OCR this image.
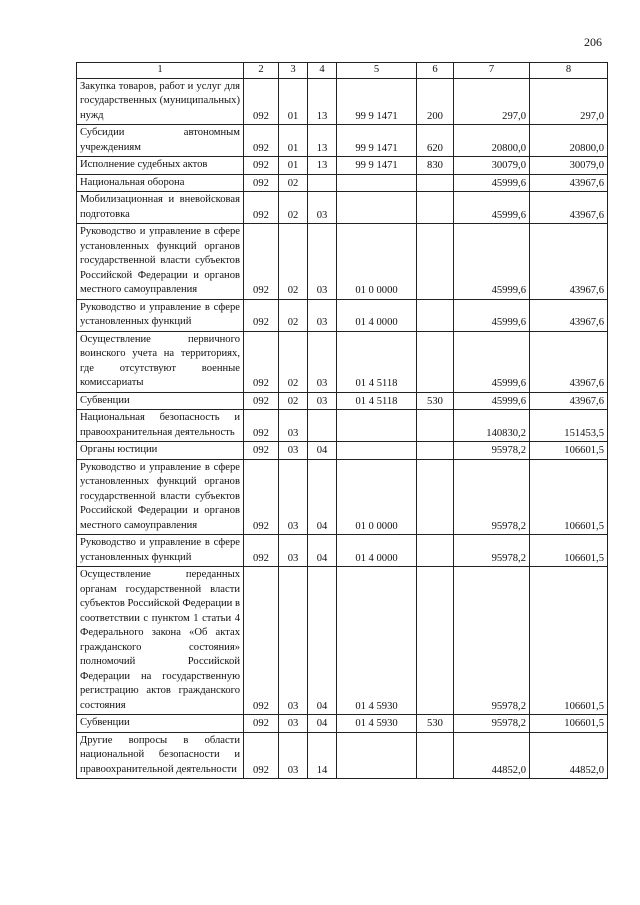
206
1	2	3	4	5	6	7	8
Закупка товаров, работ и услуг для государственных (муниципальных) нужд	092	01	13	99 9 1471	200	297,0	297,0
Субсидии автономным учреждениям	092	01	13	99 9 1471	620	20800,0	20800,0
Исполнение судебных актов	092	01	13	99 9 1471	830	30079,0	30079,0
Национальная оборона	092	02				45999,6	43967,6
Мобилизационная и вневойсковая подготовка	092	02	03			45999,6	43967,6
Руководство и управление в сфере установленных функций органов государственной власти субъектов Российской Федерации и органов местного самоуправления	092	02	03	01 0 0000		45999,6	43967,6
Руководство и управление в сфере установленных функций	092	02	03	01 4 0000		45999,6	43967,6
Осуществление первичного воинского учета на территориях, где отсутствуют военные комиссариаты	092	02	03	01 4 5118		45999,6	43967,6
Субвенции	092	02	03	01 4 5118	530	45999,6	43967,6
Национальная безопасность и правоохранительная деятельность	092	03				140830,2	151453,5
Органы юстиции	092	03	04			95978,2	106601,5
Руководство и управление в сфере установленных функций органов государственной власти субъектов Российской Федерации и органов местного самоуправления	092	03	04	01 0 0000		95978,2	106601,5
Руководство и управление в сфере установленных функций	092	03	04	01 4 0000		95978,2	106601,5
Осуществление переданных органам государственной власти субъектов Российской Федерации в соответствии с пунктом 1 статьи 4 Федерального закона «Об актах гражданского состояния» полномочий Российской Федерации на государственную регистрацию актов гражданского состояния	092	03	04	01 4 5930		95978,2	106601,5
Субвенции	092	03	04	01 4 5930	530	95978,2	106601,5
Другие вопросы в области национальной безопасности и правоохранительной деятельности	092	03	14			44852,0	44852,0
